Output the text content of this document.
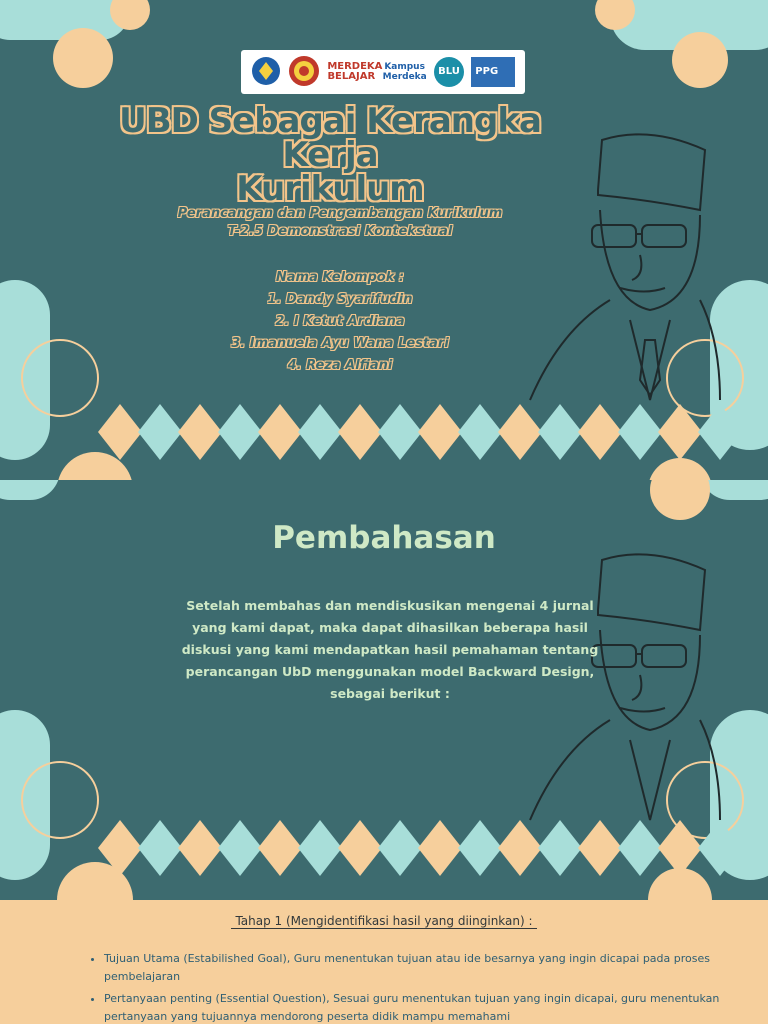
MERDEKA BELAJAR
Kampus Merdeka	BLU	PPG
UBD Sebagai Kerangka Kerja
Kurikulum
Perancangan dan Pengembangan Kurikulum
T-2.5 Demonstrasi Kontekstual
Nama Kelompok :
1. Dandy Syarifudin
2. I Ketut Ardiana
3. Imanuela Ayu Wana Lestari
4. Reza Alfiani
Pembahasan
Setelah membahas dan mendiskusikan mengenai 4 jurnal yang kami dapat, maka dapat dihasilkan beberapa hasil diskusi yang kami mendapatkan hasil pemahaman tentang perancangan UbD menggunakan model Backward Design, sebagai berikut :
Tahap 1 (Mengidentifikasi hasil yang diinginkan) :
• Tujuan Utama (Estabilished Goal), Guru menentukan tujuan atau ide besarnya yang ingin dicapai pada proses pembelajaran
• Pertanyaan penting (Essential Question), Sesuai guru menentukan tujuan yang ingin dicapai, guru menentukan pertanyaan yang tujuannya mendorong peserta didik mampu memahami
